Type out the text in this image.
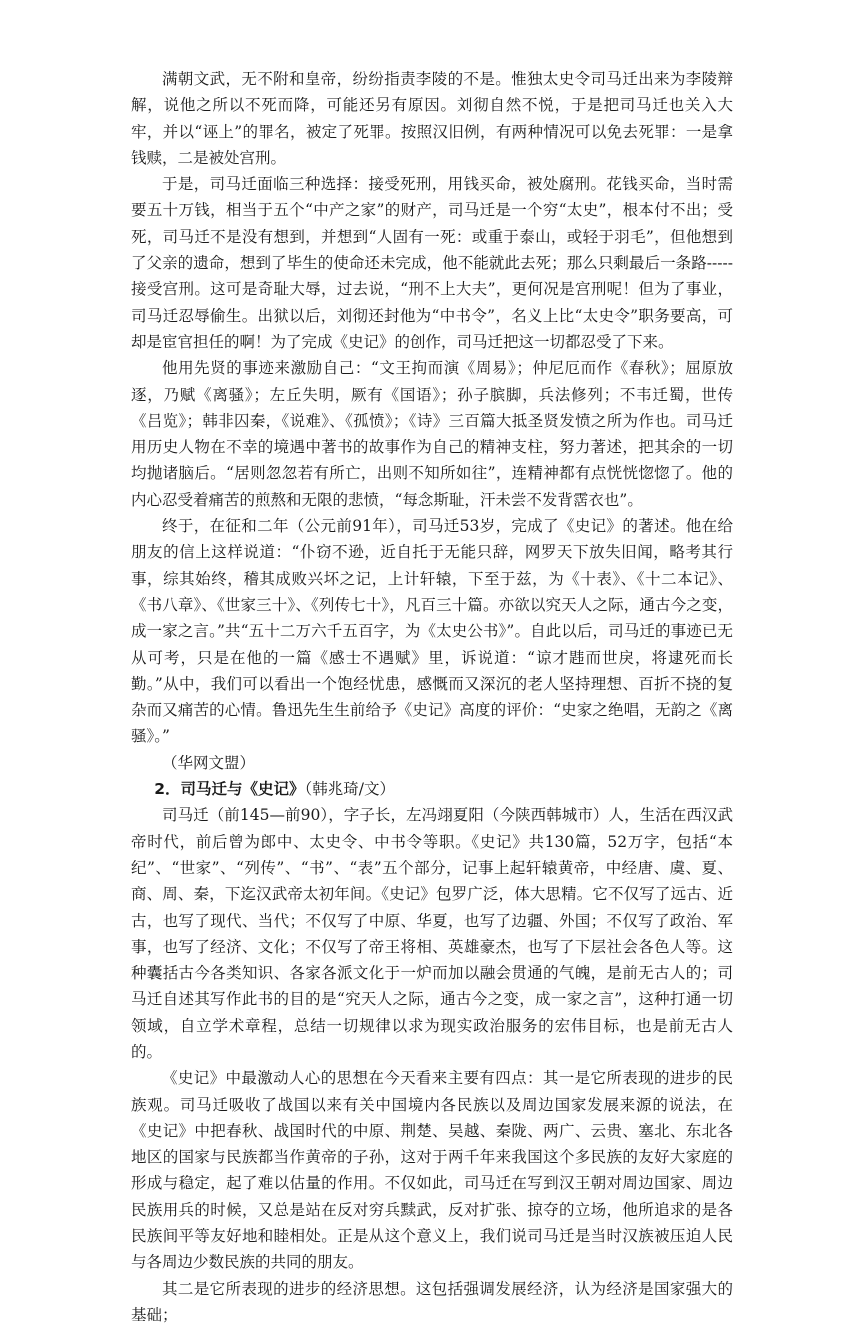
满朝文武，无不附和皇帝，纷纷指责李陵的不是。惟独太史令司马迁出来为李陵辩解，说他之所以不死而降，可能还另有原因。刘彻自然不悦，于是把司马迁也关入大牢，并以“诬上”的罪名，被定了死罪。按照汉旧例，有两种情况可以免去死罪：一是拿钱赎，二是被处宫刑。

于是，司马迁面临三种选择：接受死刑，用钱买命，被处腐刑。花钱买命，当时需要五十万钱，相当于五个“中产之家”的财产，司马迁是一个穷“太史”，根本付不出；受死，司马迁不是没有想到，并想到“人固有一死：或重于泰山，或轻于羽毛”，但他想到了父亲的遗命，想到了毕生的使命还未完成，他不能就此去死；那么只剩最后一条路-----接受宫刑。这可是奇耻大辱，过去说，“刑不上大夫”，更何况是宫刑呢！但为了事业，司马迁忍辱偷生。出狱以后，刘彻还封他为“中书令”，名义上比“太史令”职务要高，可却是宦官担任的啊！为了完成《史记》的创作，司马迁把这一切都忍受了下来。

他用先贤的事迹来激励自己：“文王拘而演《周易》；仲尼厄而作《春秋》；屈原放逐，乃赋《离骚》；左丘失明，厥有《国语》；孙子膑脚，兵法修列；不韦迁蜀，世传《吕览》；韩非囚秦，《说难》、《孤愤》；《诗》三百篇大抵圣贤发愤之所为作也。司马迁用历史人物在不幸的境遇中著书的故事作为自己的精神支柱，努力著述，把其余的一切均抛诸脑后。“居则忽忽若有所亡，出则不知所如往”，连精神都有点恍恍惚惚了。他的内心忍受着痛苦的煎熬和无限的悲愤，“每念斯耻，汗未尝不发背霑衣也”。

终于，在征和二年（公元前91年），司马迁53岁，完成了《史记》的著述。他在给朋友的信上这样说道：“仆窃不逊，近自托于无能只辞，网罗天下放失旧闻，略考其行事，综其始终，稽其成败兴坏之记，上计轩辕，下至于兹，为《十表》、《十二本记》、《书八章》、《世家三十》、《列传七十》，凡百三十篇。亦欲以究天人之际，通古今之变，成一家之言。”共“五十二万六千五百字，为《太史公书》”。自此以后，司马迁的事迹已无从可考，只是在他的一篇《感士不遇赋》里，诉说道：“谅才韪而世戾，将逮死而长勤。”从中，我们可以看出一个饱经忧患，感慨而又深沉的老人坚持理想、百折不挠的复杂而又痛苦的心情。鲁迅先生生前给予《史记》高度的评价：“史家之绝唱，无韵之《离骚》。”

（华网文盟）

2．司马迁与《史记》（韩兆琦/文）

司马迁（前145—前90），字子长，左冯翊夏阳（今陕西韩城市）人，生活在西汉武帝时代，前后曾为郎中、太史令、中书令等职。《史记》共130篇，52万字，包括“本纪”、“世家”、“列传”、“书”、“表”五个部分，记事上起轩辕黄帝，中经唐、虞、夏、商、周、秦，下迄汉武帝太初年间。《史记》包罗广泛，体大思精。它不仅写了远古、近古，也写了现代、当代；不仅写了中原、华夏，也写了边疆、外国；不仅写了政治、军事，也写了经济、文化；不仅写了帝王将相、英雄豪杰，也写了下层社会各色人等。这种囊括古今各类知识、各家各派文化于一炉而加以融会贯通的气魄，是前无古人的；司马迁自述其写作此书的目的是“究天人之际，通古今之变，成一家之言”，这种打通一切领域，自立学术章程，总结一切规律以求为现实政治服务的宏伟目标，也是前无古人的。

《史记》中最激动人心的思想在今天看来主要有四点：其一是它所表现的进步的民族观。司马迁吸收了战国以来有关中国境内各民族以及周边国家发展来源的说法，在《史记》中把春秋、战国时代的中原、荆楚、吴越、秦陇、两广、云贵、塞北、东北各地区的国家与民族都当作黄帝的子孙，这对于两千年来我国这个多民族的友好大家庭的形成与稳定，起了难以估量的作用。不仅如此，司马迁在写到汉王朝对周边国家、周边民族用兵的时候，又总是站在反对穷兵黩武，反对扩张、掠夺的立场，他所追求的是各民族间平等友好地和睦相处。正是从这个意义上，我们说司马迁是当时汉族被压迫人民与各周边少数民族的共同的朋友。

其二是它所表现的进步的经济思想。这包括强调发展经济，认为经济是国家强大的基础；
